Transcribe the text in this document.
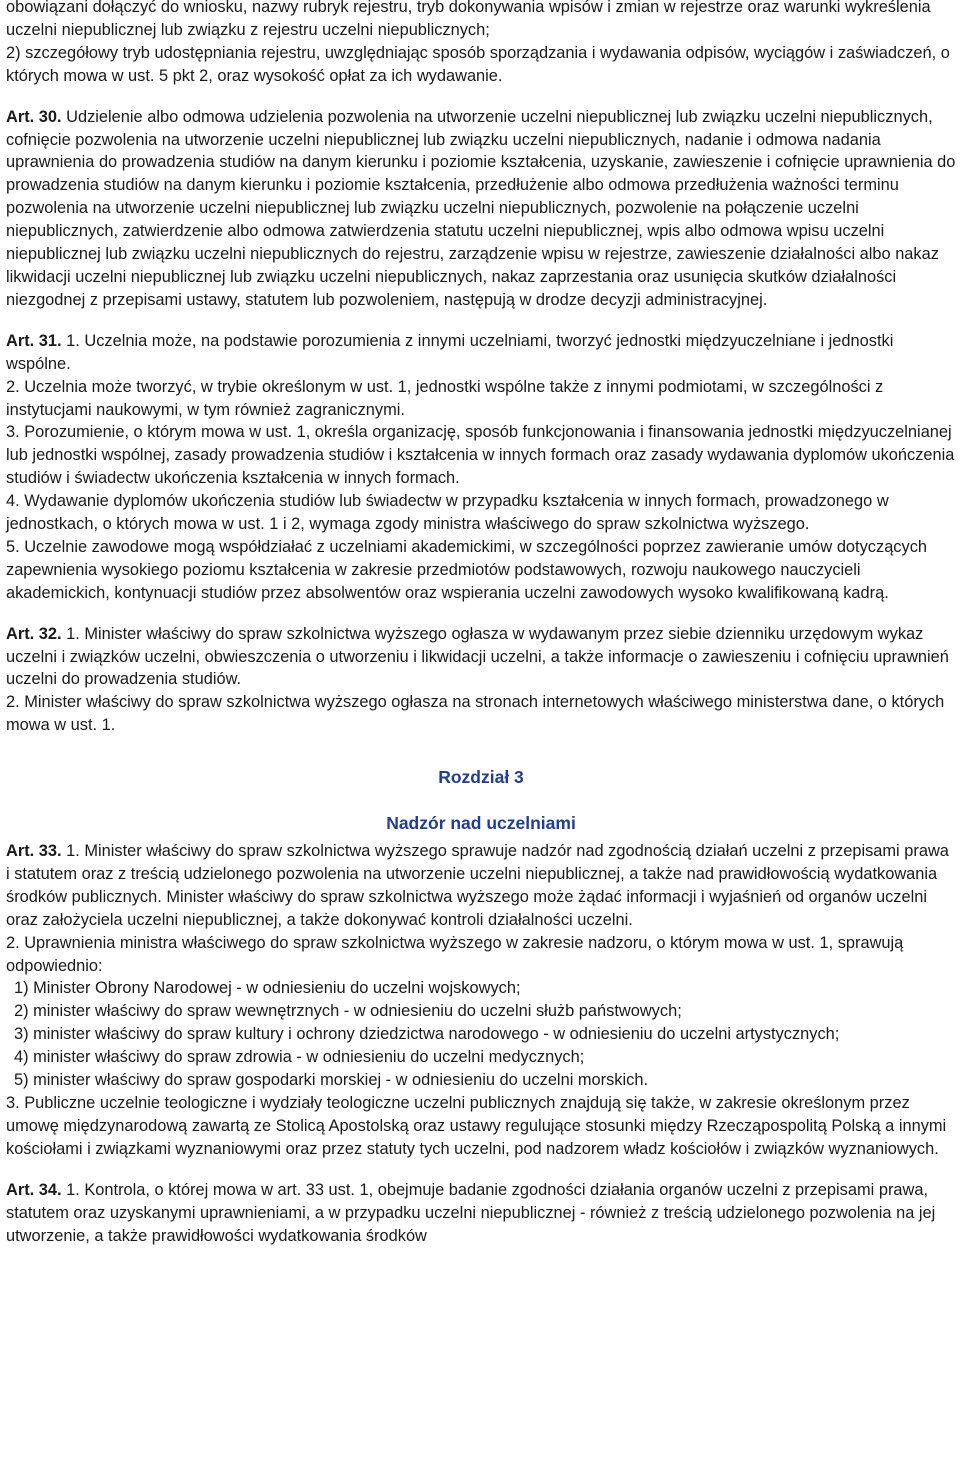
obowiązani dołączyć do wniosku, nazwy rubryk rejestru, tryb dokonywania wpisów i zmian w rejestrze oraz warunki wykreślenia uczelni niepublicznej lub związku z rejestru uczelni niepublicznych;

2) szczegółowy tryb udostępniania rejestru, uwzględniając sposób sporządzania i wydawania odpisów, wyciągów i zaświadczeń, o których mowa w ust. 5 pkt 2, oraz wysokość opłat za ich wydawanie.

Art. 30. Udzielenie albo odmowa udzielenia pozwolenia na utworzenie uczelni niepublicznej lub związku uczelni niepublicznych, cofnięcie pozwolenia na utworzenie uczelni niepublicznej lub związku uczelni niepublicznych, nadanie i odmowa nadania uprawnienia do prowadzenia studiów na danym kierunku i poziomie kształcenia, uzyskanie, zawieszenie i cofnięcie uprawnienia do prowadzenia studiów na danym kierunku i poziomie kształcenia, przedłużenie albo odmowa przedłużenia ważności terminu pozwolenia na utworzenie uczelni niepublicznej lub związku uczelni niepublicznych, pozwolenie na połączenie uczelni niepublicznych, zatwierdzenie albo odmowa zatwierdzenia statutu uczelni niepublicznej, wpis albo odmowa wpisu uczelni niepublicznej lub związku uczelni niepublicznych do rejestru, zarządzenie wpisu w rejestrze, zawieszenie działalności albo nakaz likwidacji uczelni niepublicznej lub związku uczelni niepublicznych, nakaz zaprzestania oraz usunięcia skutków działalności niezgodnej z przepisami ustawy, statutem lub pozwoleniem, następują w drodze decyzji administracyjnej.

Art. 31. 1. Uczelnia może, na podstawie porozumienia z innymi uczelniami, tworzyć jednostki międzyuczelniane i jednostki wspólne.

2. Uczelnia może tworzyć, w trybie określonym w ust. 1, jednostki wspólne także z innymi podmiotami, w szczególności z instytucjami naukowymi, w tym również zagranicznymi.

3. Porozumienie, o którym mowa w ust. 1, określa organizację, sposób funkcjonowania i finansowania jednostki międzyuczelnianej lub jednostki wspólnej, zasady prowadzenia studiów i kształcenia w innych formach oraz zasady wydawania dyplomów ukończenia studiów i świadectw ukończenia kształcenia w innych formach.

4. Wydawanie dyplomów ukończenia studiów lub świadectw w przypadku kształcenia w innych formach, prowadzonego w jednostkach, o których mowa w ust. 1 i 2, wymaga zgody ministra właściwego do spraw szkolnictwa wyższego.

5. Uczelnie zawodowe mogą współdziałać z uczelniami akademickimi, w szczególności poprzez zawieranie umów dotyczących zapewnienia wysokiego poziomu kształcenia w zakresie przedmiotów podstawowych, rozwoju naukowego nauczycieli akademickich, kontynuacji studiów przez absolwentów oraz wspierania uczelni zawodowych wysoko kwalifikowaną kadrą.

Art. 32. 1. Minister właściwy do spraw szkolnictwa wyższego ogłasza w wydawanym przez siebie dzienniku urzędowym wykaz uczelni i związków uczelni, obwieszczenia o utworzeniu i likwidacji uczelni, a także informacje o zawieszeniu i cofnięciu uprawnień uczelni do prowadzenia studiów.

2. Minister właściwy do spraw szkolnictwa wyższego ogłasza na stronach internetowych właściwego ministerstwa dane, o których mowa w ust. 1.

Rozdział 3

Nadzór nad uczelniami

Art. 33. 1. Minister właściwy do spraw szkolnictwa wyższego sprawuje nadzór nad zgodnością działań uczelni z przepisami prawa i statutem oraz z treścią udzielonego pozwolenia na utworzenie uczelni niepublicznej, a także nad prawidłowością wydatkowania środków publicznych. Minister właściwy do spraw szkolnictwa wyższego może żądać informacji i wyjaśnień od organów uczelni oraz założyciela uczelni niepublicznej, a także dokonywać kontroli działalności uczelni.

2. Uprawnienia ministra właściwego do spraw szkolnictwa wyższego w zakresie nadzoru, o którym mowa w ust. 1, sprawują odpowiednio:

1) Minister Obrony Narodowej - w odniesieniu do uczelni wojskowych;

2) minister właściwy do spraw wewnętrznych - w odniesieniu do uczelni służb państwowych;

3) minister właściwy do spraw kultury i ochrony dziedzictwa narodowego - w odniesieniu do uczelni artystycznych;

4) minister właściwy do spraw zdrowia - w odniesieniu do uczelni medycznych;

5) minister właściwy do spraw gospodarki morskiej - w odniesieniu do uczelni morskich.

3. Publiczne uczelnie teologiczne i wydziały teologiczne uczelni publicznych znajdują się także, w zakresie określonym przez umowę międzynarodową zawartą ze Stolicą Apostolską oraz ustawy regulujące stosunki między Rzecząpospolitą Polską a innymi kościołami i związkami wyznaniowymi oraz przez statuty tych uczelni, pod nadzorem władz kościołów i związków wyznaniowych.

Art. 34. 1. Kontrola, o której mowa w art. 33 ust. 1, obejmuje badanie zgodności działania organów uczelni z przepisami prawa, statutem oraz uzyskanymi uprawnieniami, a w przypadku uczelni niepublicznej - również z treścią udzielonego pozwolenia na jej utworzenie, a także prawidłowości wydatkowania środków
